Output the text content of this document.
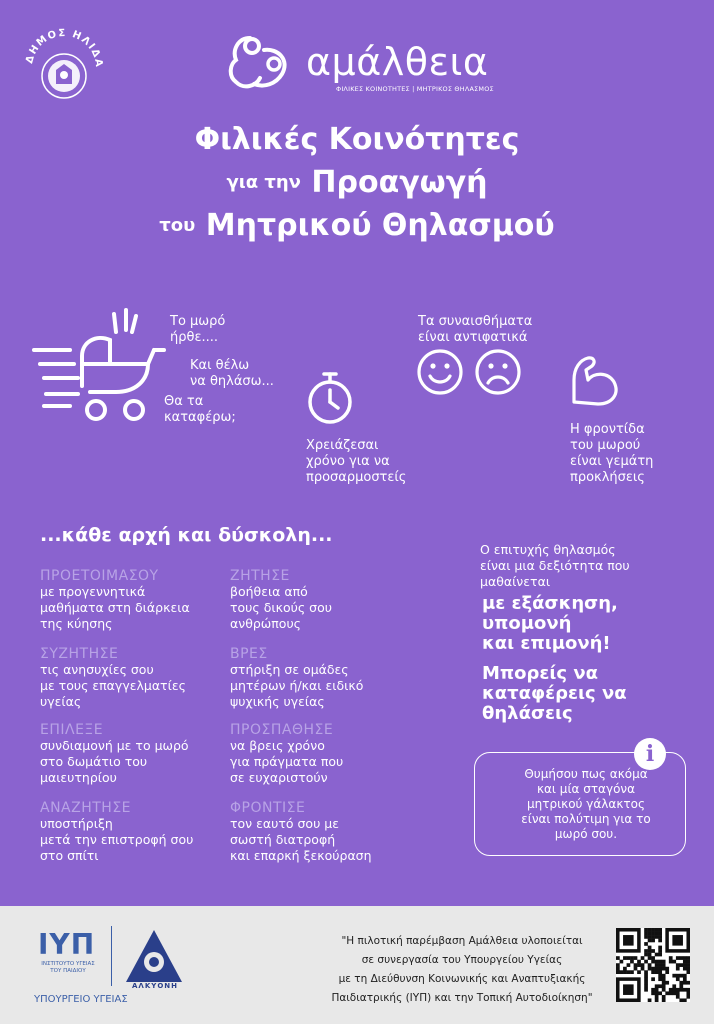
ΔΗΜΟΣ ΗΛΙΔΑ	αμάλθεια
ΦΙΛΙΚΕΣ ΚΟΙΝΟΤΗΤΕΣ | ΜΗΤΡΙΚΟΣ ΘΗΛΑΣΜΟΣ
Φιλικές Κοινότητες
για την Προαγωγή
του Μητρικού Θηλασμού
Το μωρό
ήρθε....
Και θέλω
να θηλάσω...
Θα τα
καταφέρω;
Χρειάζεσαι
χρόνο για να
προσαρμοστείς
Τα συναισθήματα
είναι αντιφατικά
Η φροντίδα
του μωρού
είναι γεμάτη
προκλήσεις
...κάθε αρχή και δύσκολη...
ΠΡΟΕΤΟΙΜΑΣΟΥ
με προγεννητικά
μαθήματα στη διάρκεια
της κύησης
ΣΥΖΗΤΗΣΕ
τις ανησυχίες σου
με τους επαγγελματίες
υγείας
ΕΠΙΛΕΞΕ
συνδιαμονή με το μωρό
στο δωμάτιο του
μαιευτηρίου
ΑΝΑΖΗΤΗΣΕ
υποστήριξη
μετά την επιστροφή σου
στο σπίτι
ΖΗΤΗΣΕ
βοήθεια από
τους δικούς σου
ανθρώπους
ΒΡΕΣ
στήριξη σε ομάδες
μητέρων ή/και ειδικό
ψυχικής υγείας
ΠΡΟΣΠΑΘΗΣΕ
να βρεις χρόνο
για πράγματα που
σε ευχαριστούν
ΦΡΟΝΤΙΣΕ
τον εαυτό σου με
σωστή διατροφή
και επαρκή ξεκούραση
Ο επιτυχής θηλασμός
είναι μια δεξιότητα που
μαθαίνεται
με εξάσκηση,
υπομονή
και επιμονή!
Μπορείς να
καταφέρεις να
θηλάσεις
Θυμήσου πως ακόμα
και μία σταγόνα
μητρικού γάλακτος
είναι πολύτιμη για το
μωρό σου.
i
ΙΥΠ
ΙΝΣΤΙΤΟΥΤΟ ΥΓΕΙΑΣ
ΤΟΥ ΠΑΙΔΙΟΥ
ΥΠΟΥΡΓΕΙΟ ΥΓΕΙΑΣ
ΑΛΚΥΟΝΗ
"Η πιλοτική παρέμβαση Αμάλθεια υλοποιείται
σε συνεργασία του Υπουργείου Υγείας
με τη Διεύθυνση Κοινωνικής και Αναπτυξιακής
Παιδιατρικής (ΙΥΠ) και την Τοπική Αυτοδιοίκηση"
